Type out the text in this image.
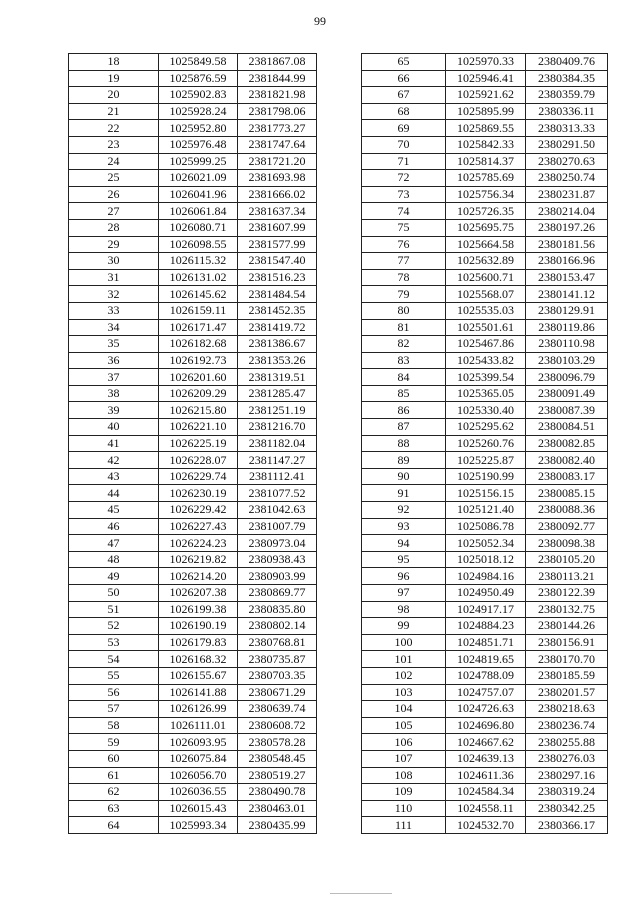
99
18	1025849.58	2381867.08
19	1025876.59	2381844.99
20	1025902.83	2381821.98
21	1025928.24	2381798.06
22	1025952.80	2381773.27
23	1025976.48	2381747.64
24	1025999.25	2381721.20
25	1026021.09	2381693.98
26	1026041.96	2381666.02
27	1026061.84	2381637.34
28	1026080.71	2381607.99
29	1026098.55	2381577.99
30	1026115.32	2381547.40
31	1026131.02	2381516.23
32	1026145.62	2381484.54
33	1026159.11	2381452.35
34	1026171.47	2381419.72
35	1026182.68	2381386.67
36	1026192.73	2381353.26
37	1026201.60	2381319.51
38	1026209.29	2381285.47
39	1026215.80	2381251.19
40	1026221.10	2381216.70
41	1026225.19	2381182.04
42	1026228.07	2381147.27
43	1026229.74	2381112.41
44	1026230.19	2381077.52
45	1026229.42	2381042.63
46	1026227.43	2381007.79
47	1026224.23	2380973.04
48	1026219.82	2380938.43
49	1026214.20	2380903.99
50	1026207.38	2380869.77
51	1026199.38	2380835.80
52	1026190.19	2380802.14
53	1026179.83	2380768.81
54	1026168.32	2380735.87
55	1026155.67	2380703.35
56	1026141.88	2380671.29
57	1026126.99	2380639.74
58	1026111.01	2380608.72
59	1026093.95	2380578.28
60	1026075.84	2380548.45
61	1026056.70	2380519.27
62	1026036.55	2380490.78
63	1026015.43	2380463.01
64	1025993.34	2380435.99
65	1025970.33	2380409.76
66	1025946.41	2380384.35
67	1025921.62	2380359.79
68	1025895.99	2380336.11
69	1025869.55	2380313.33
70	1025842.33	2380291.50
71	1025814.37	2380270.63
72	1025785.69	2380250.74
73	1025756.34	2380231.87
74	1025726.35	2380214.04
75	1025695.75	2380197.26
76	1025664.58	2380181.56
77	1025632.89	2380166.96
78	1025600.71	2380153.47
79	1025568.07	2380141.12
80	1025535.03	2380129.91
81	1025501.61	2380119.86
82	1025467.86	2380110.98
83	1025433.82	2380103.29
84	1025399.54	2380096.79
85	1025365.05	2380091.49
86	1025330.40	2380087.39
87	1025295.62	2380084.51
88	1025260.76	2380082.85
89	1025225.87	2380082.40
90	1025190.99	2380083.17
91	1025156.15	2380085.15
92	1025121.40	2380088.36
93	1025086.78	2380092.77
94	1025052.34	2380098.38
95	1025018.12	2380105.20
96	1024984.16	2380113.21
97	1024950.49	2380122.39
98	1024917.17	2380132.75
99	1024884.23	2380144.26
100	1024851.71	2380156.91
101	1024819.65	2380170.70
102	1024788.09	2380185.59
103	1024757.07	2380201.57
104	1024726.63	2380218.63
105	1024696.80	2380236.74
106	1024667.62	2380255.88
107	1024639.13	2380276.03
108	1024611.36	2380297.16
109	1024584.34	2380319.24
110	1024558.11	2380342.25
111	1024532.70	2380366.17
